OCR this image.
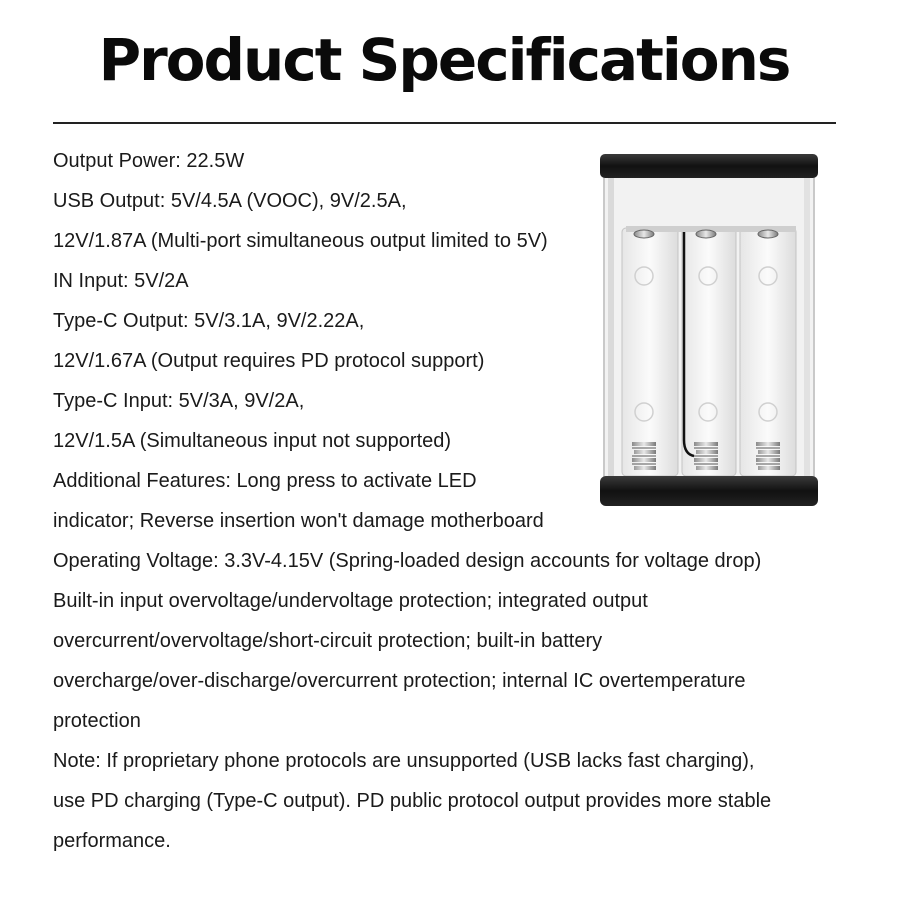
Product Specifications
Output Power: 22.5W
USB Output: 5V/4.5A (VOOC), 9V/2.5A,
12V/1.87A (Multi-port simultaneous output limited to 5V)
IN Input: 5V/2A
Type-C Output: 5V/3.1A, 9V/2.22A,
12V/1.67A (Output requires PD protocol support)
Type-C Input: 5V/3A, 9V/2A,
12V/1.5A (Simultaneous input not supported)
Additional Features: Long press to activate LED
indicator; Reverse insertion won't damage motherboard
Operating Voltage: 3.3V-4.15V (Spring-loaded design accounts for voltage drop)
Built-in input overvoltage/undervoltage protection; integrated output
overcurrent/overvoltage/short-circuit protection; built-in battery
overcharge/over-discharge/overcurrent protection; internal IC overtemperature
protection
Note: If proprietary phone protocols are unsupported (USB lacks fast charging),
use PD charging (Type-C output). PD public protocol output provides more stable
performance.
